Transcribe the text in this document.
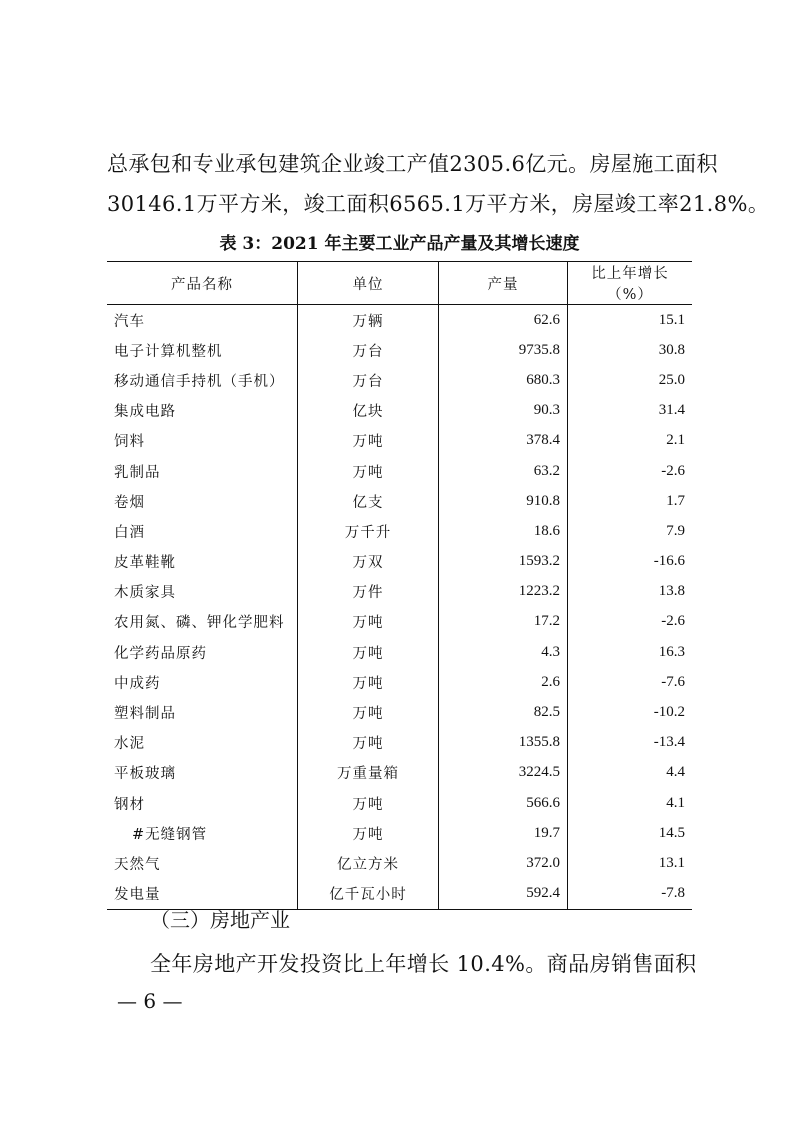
总承包和专业承包建筑企业竣工产值2305.6亿元。房屋施工面积
30146.1万平方米，竣工面积6565.1万平方米，房屋竣工率21.8%。

表 3：2021 年主要工业产品产量及其增长速度

产品名称	单位	产量	比上年增长（%）
汽车	万辆	62.6	15.1
电子计算机整机	万台	9735.8	30.8
移动通信手持机（手机）	万台	680.3	25.0
集成电路	亿块	90.3	31.4
饲料	万吨	378.4	2.1
乳制品	万吨	63.2	-2.6
卷烟	亿支	910.8	1.7
白酒	万千升	18.6	7.9
皮革鞋靴	万双	1593.2	-16.6
木质家具	万件	1223.2	13.8
农用氮、磷、钾化学肥料	万吨	17.2	-2.6
化学药品原药	万吨	4.3	16.3
中成药	万吨	2.6	-7.6
塑料制品	万吨	82.5	-10.2
水泥	万吨	1355.8	-13.4
平板玻璃	万重量箱	3224.5	4.4
钢材	万吨	566.6	4.1
#无缝钢管	万吨	19.7	14.5
天然气	亿立方米	372.0	13.1
发电量	亿千瓦小时	592.4	-7.8

（三）房地产业

全年房地产开发投资比上年增长 10.4%。商品房销售面积

— 6 —
